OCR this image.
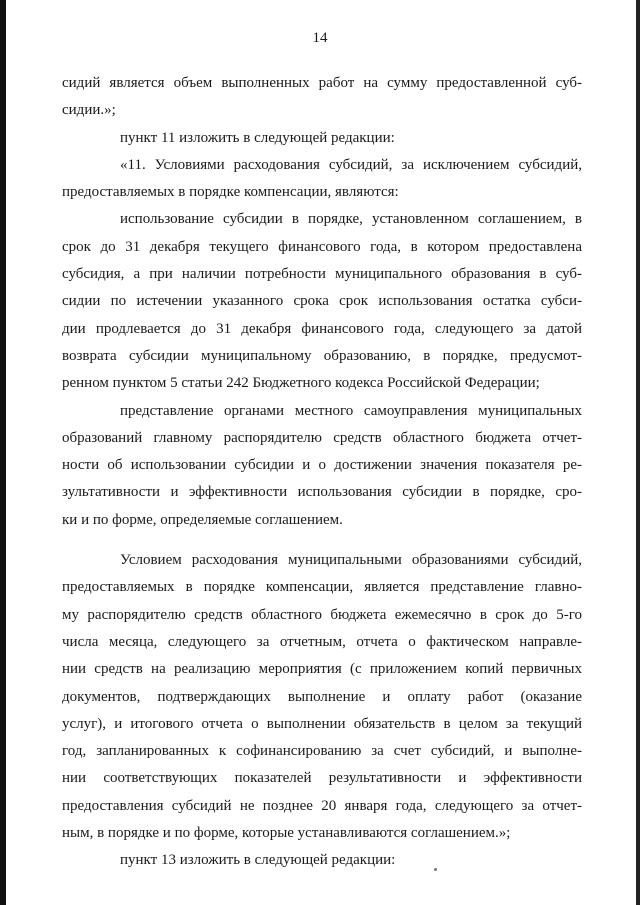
14
сидий является объем выполненных работ на сумму предоставленной суб-
сидии.»;
пункт 11 изложить в следующей редакции:
«11. Условиями расходования субсидий, за исключением субсидий,
предоставляемых в порядке компенсации, являются:
использование субсидии в порядке, установленном соглашением, в
срок до 31 декабря текущего финансового года, в котором предоставлена
субсидия, а при наличии потребности муниципального образования в суб-
сидии по истечении указанного срока срок использования остатка субси-
дии продлевается до 31 декабря финансового года, следующего за датой
возврата субсидии муниципальному образованию, в порядке, предусмот-
ренном пунктом 5 статьи 242 Бюджетного кодекса Российской Федерации;
представление органами местного самоуправления муниципальных
образований главному распорядителю средств областного бюджета отчет-
ности об использовании субсидии и о достижении значения показателя ре-
зультативности и эффективности использования субсидии в порядке, сро-
ки и по форме, определяемые соглашением.
Условием расходования муниципальными образованиями субсидий,
предоставляемых в порядке компенсации, является представление главно-
му распорядителю средств областного бюджета ежемесячно в срок до 5-го
числа месяца, следующего за отчетным, отчета о фактическом направле-
нии средств на реализацию мероприятия (с приложением копий первичных
документов, подтверждающих выполнение и оплату работ (оказание
услуг), и итогового отчета о выполнении обязательств в целом за текущий
год, запланированных к софинансированию за счет субсидий, и выполне-
нии соответствующих показателей результативности и эффективности
предоставления субсидий не позднее 20 января года, следующего за отчет-
ным, в порядке и по форме, которые устанавливаются соглашением.»;
пункт 13 изложить в следующей редакции:
